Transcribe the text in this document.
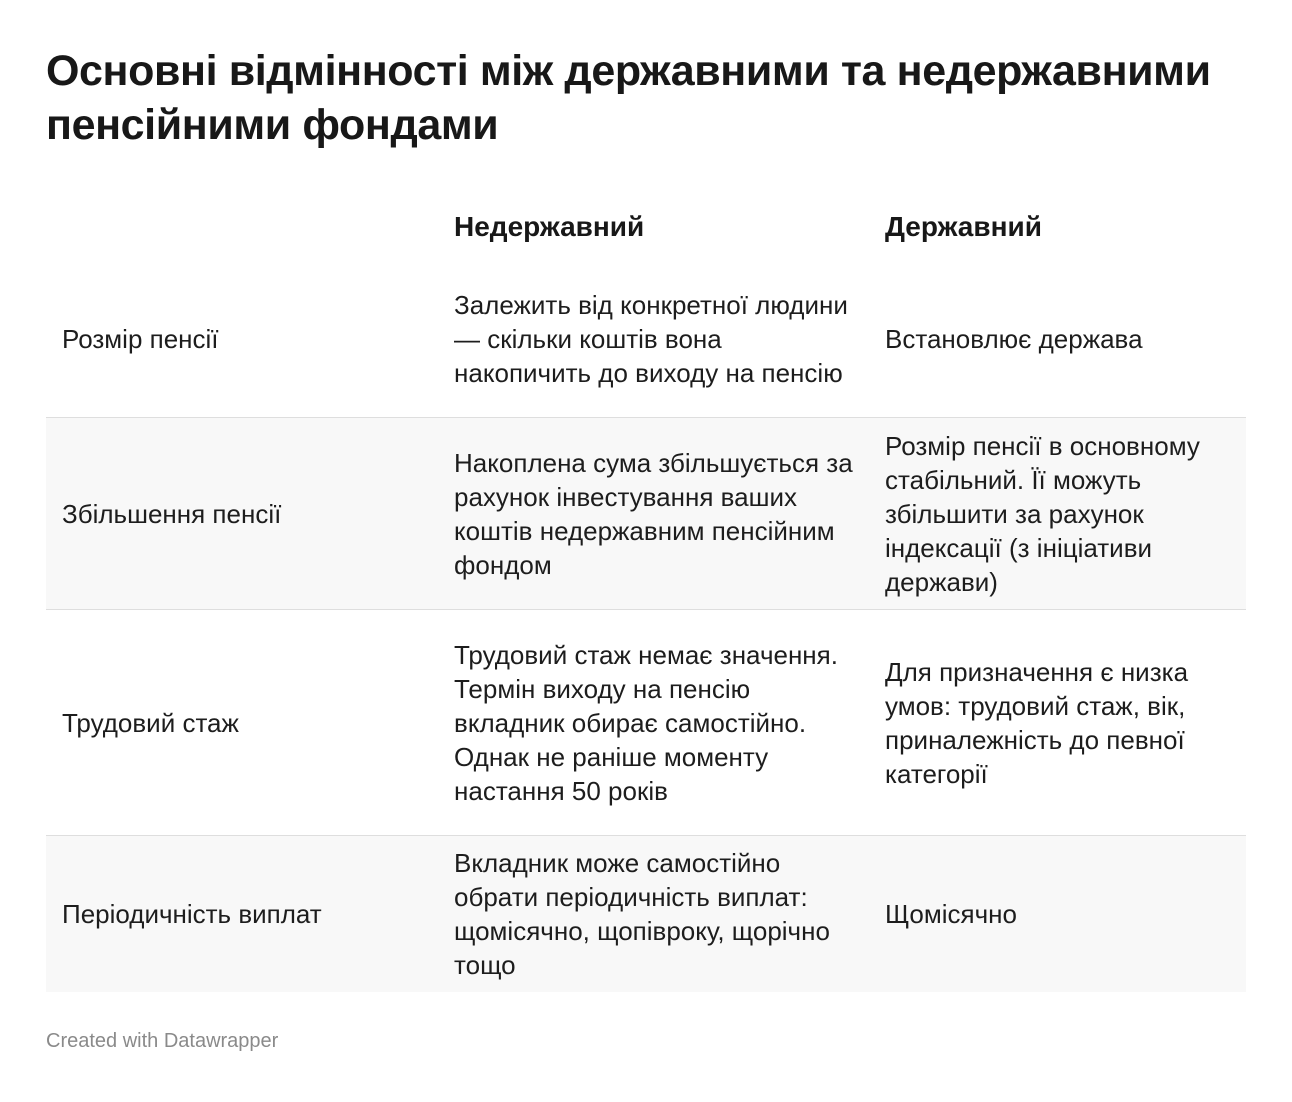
Основні відмінності між державними та недержавними пенсійними фондами
Недержавний	Державний
Розмір пенсії
Залежить від конкретної людини — скільки коштів вона накопичить до виходу на пенсію
Встановлює держава
Збільшення пенсії
Накоплена сума збільшується за рахунок інвестування ваших коштів недержавним пенсійним фондом
Розмір пенсії в основному стабільний. Її можуть збільшити за рахунок індексації (з ініціативи держави)
Трудовий стаж
Трудовий стаж немає значення. Термін виходу на пенсію вкладник обирає самостійно. Однак не раніше моменту настання 50 років
Для призначення є низка умов: трудовий стаж, вік, приналежність до певної категорії
Періодичність виплат
Вкладник може самостійно обрати періодичність виплат: щомісячно, щопівроку, щорічно тощо
Щомісячно
Created with Datawrapper
